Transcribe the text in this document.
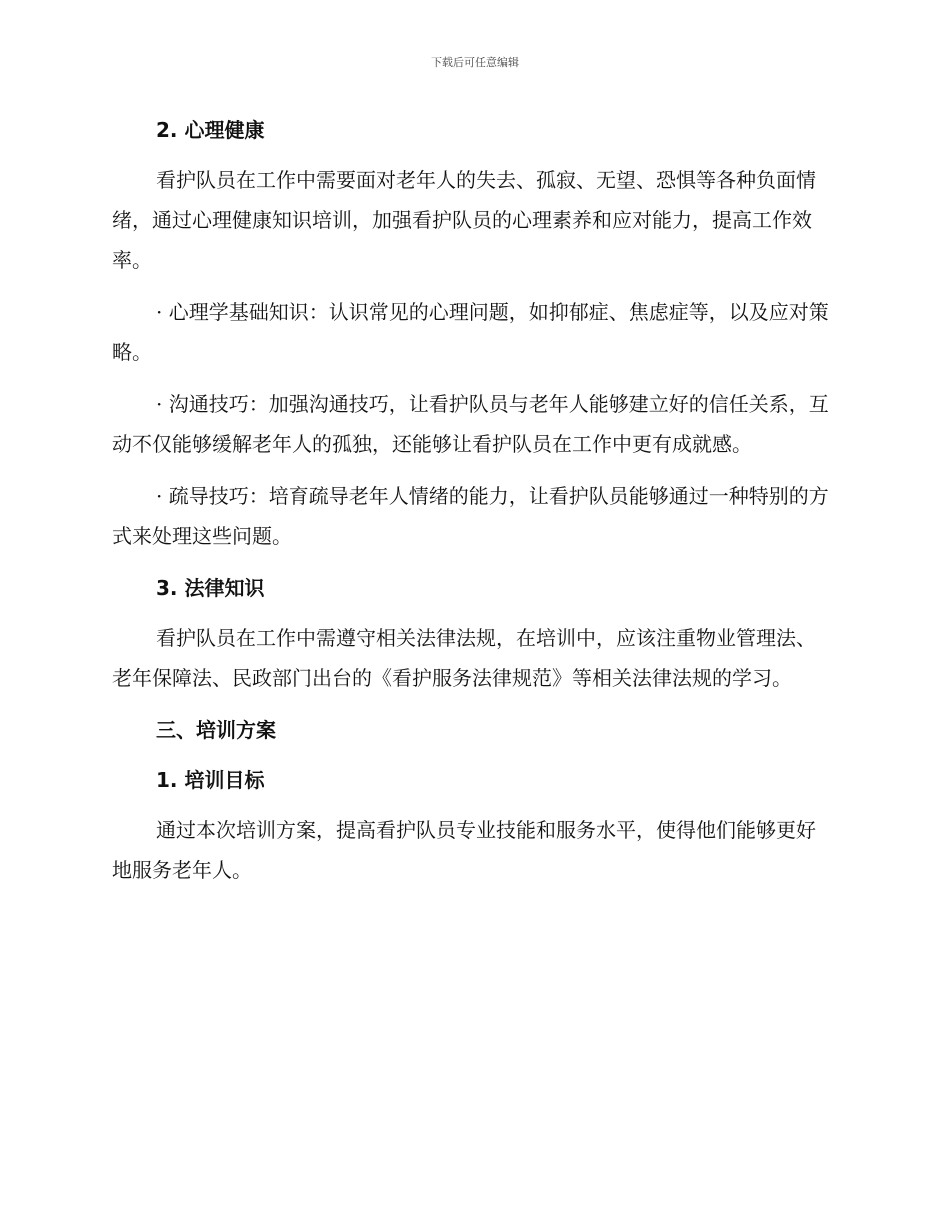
下载后可任意编辑
2. 心理健康

看护队员在工作中需要面对老年人的失去、孤寂、无望、恐惧等各种负面情绪，通过心理健康知识培训，加强看护队员的心理素养和应对能力，提高工作效率。

· 心理学基础知识：认识常见的心理问题，如抑郁症、焦虑症等，以及应对策略。

· 沟通技巧：加强沟通技巧，让看护队员与老年人能够建立好的信任关系，互动不仅能够缓解老年人的孤独，还能够让看护队员在工作中更有成就感。

· 疏导技巧：培育疏导老年人情绪的能力，让看护队员能够通过一种特别的方式来处理这些问题。

3. 法律知识

看护队员在工作中需遵守相关法律法规，在培训中，应该注重物业管理法、老年保障法、民政部门出台的《看护服务法律规范》等相关法律法规的学习。

三、培训方案
1. 培训目标

通过本次培训方案，提高看护队员专业技能和服务水平，使得他们能够更好地服务老年人。
